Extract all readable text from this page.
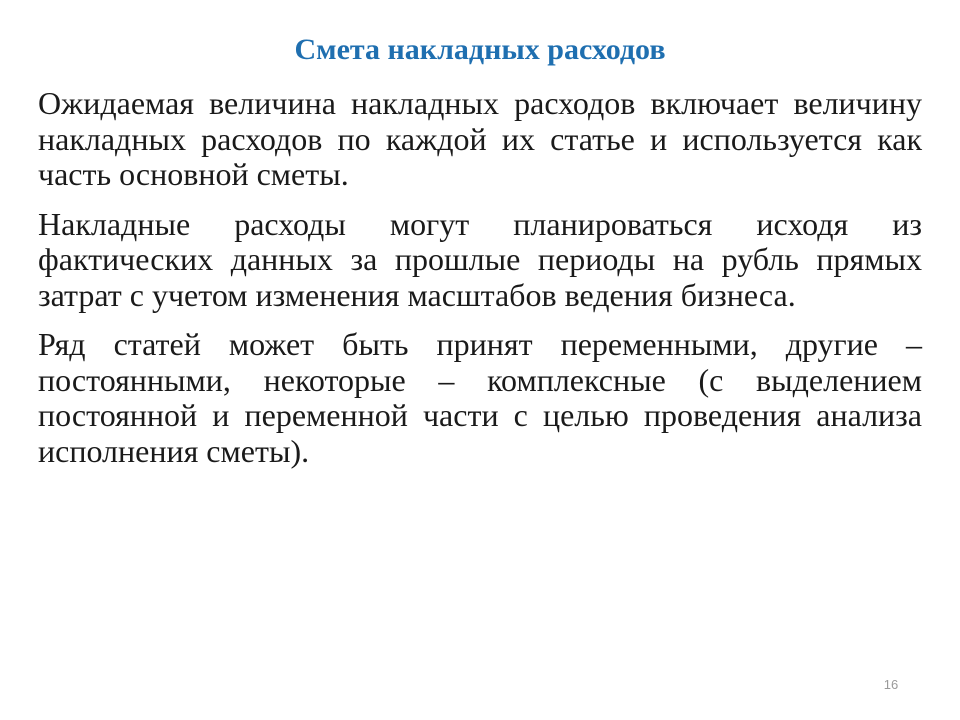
Смета накладных расходов

Ожидаемая величина накладных расходов включает величину накладных расходов по каждой их статье и используется как часть основной сметы.

Накладные расходы могут планироваться исходя из фактических данных за прошлые периоды на рубль прямых затрат с учетом изменения масштабов ведения бизнеса.

Ряд статей может быть принят переменными, другие – постоянными, некоторые – комплексные (с выделением постоянной и переменной части с целью проведения анализа исполнения сметы).

16
